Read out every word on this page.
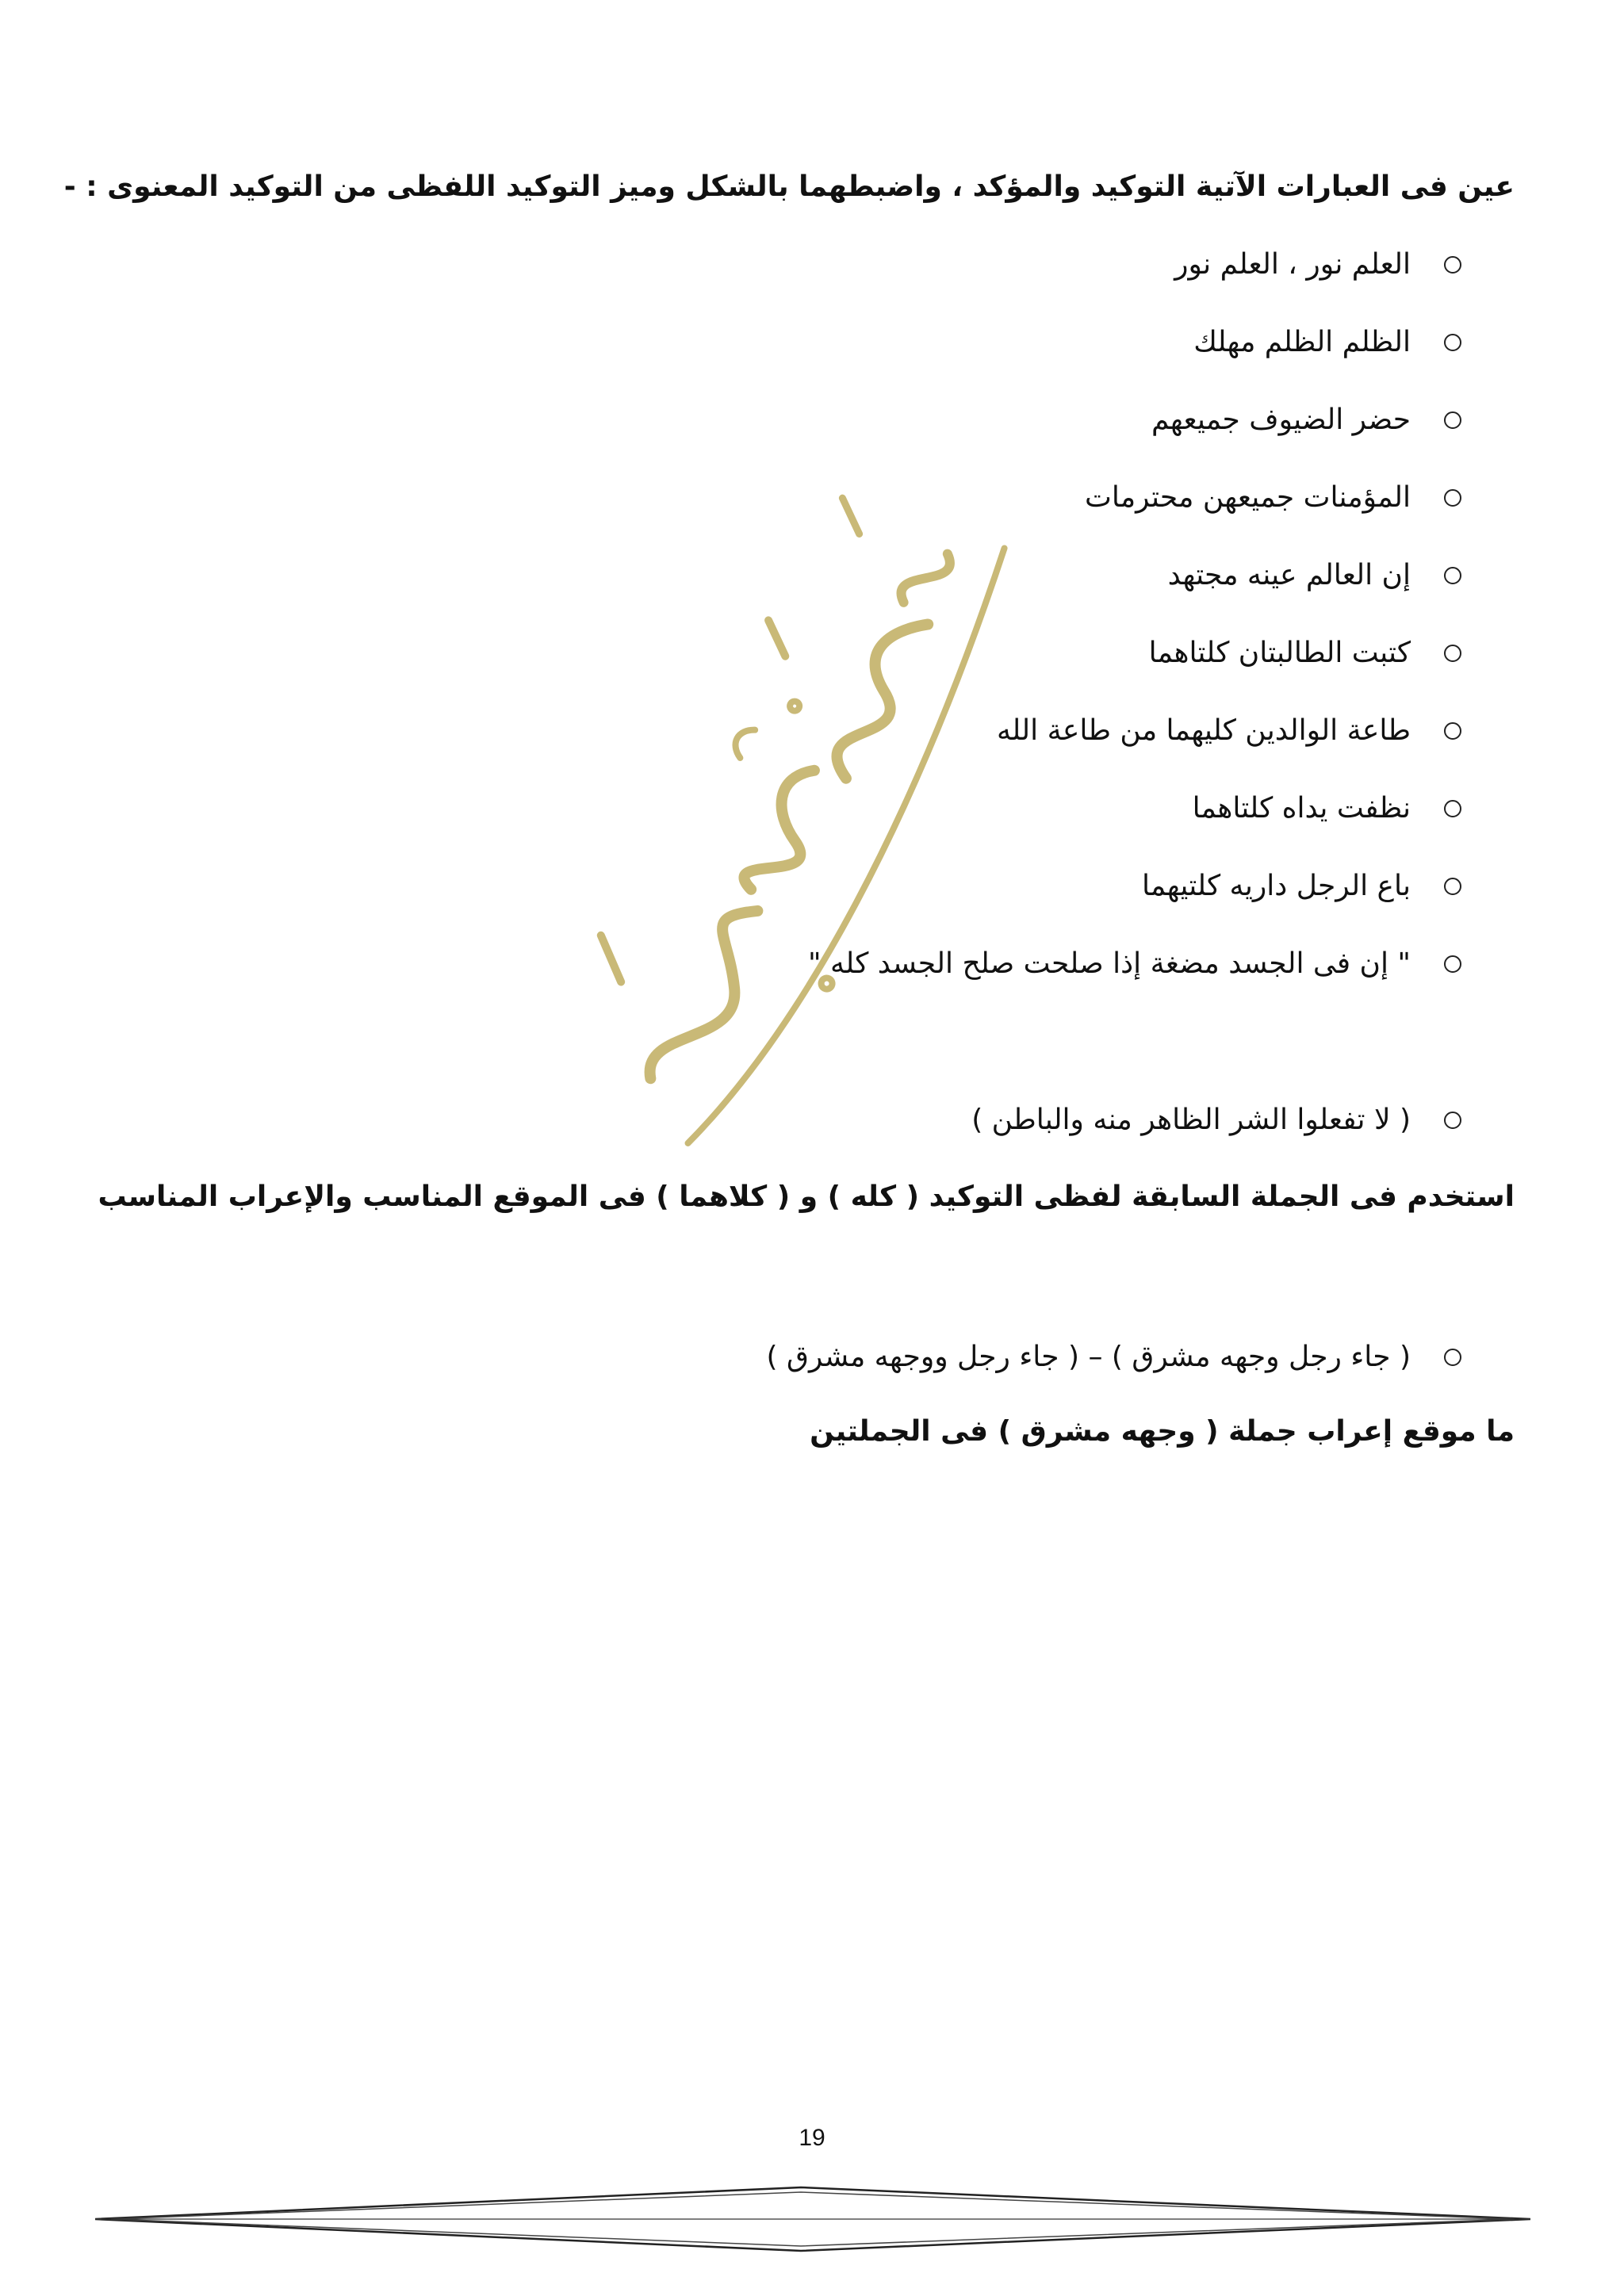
عين فى العبارات الآتية التوكيد والمؤكد ، واضبطهما بالشكل وميز التوكيد اللفظى من التوكيد المعنوى : -
العلم نور ، العلم نور
الظلم الظلم مهلك
حضر الضيوف جميعهم
المؤمنات جميعهن محترمات
إن العالم عينه مجتهد
كتبت الطالبتان كلتاهما
طاعة الوالدين كليهما من طاعة الله
نظفت يداه كلتاهما
باع الرجل داريه كلتيهما
" إن فى الجسد مضغة إذا صلحت صلح الجسد كله "
( لا تفعلوا الشر الظاهر منه والباطن )
استخدم فى الجملة السابقة لفظى التوكيد ( كله ) و ( كلاهما ) فى الموقع المناسب والإعراب المناسب
( جاء رجل وجهه مشرق ) – ( جاء رجل ووجهه مشرق )
ما موقع إعراب جملة ( وجهه مشرق ) فى الجملتين
19
